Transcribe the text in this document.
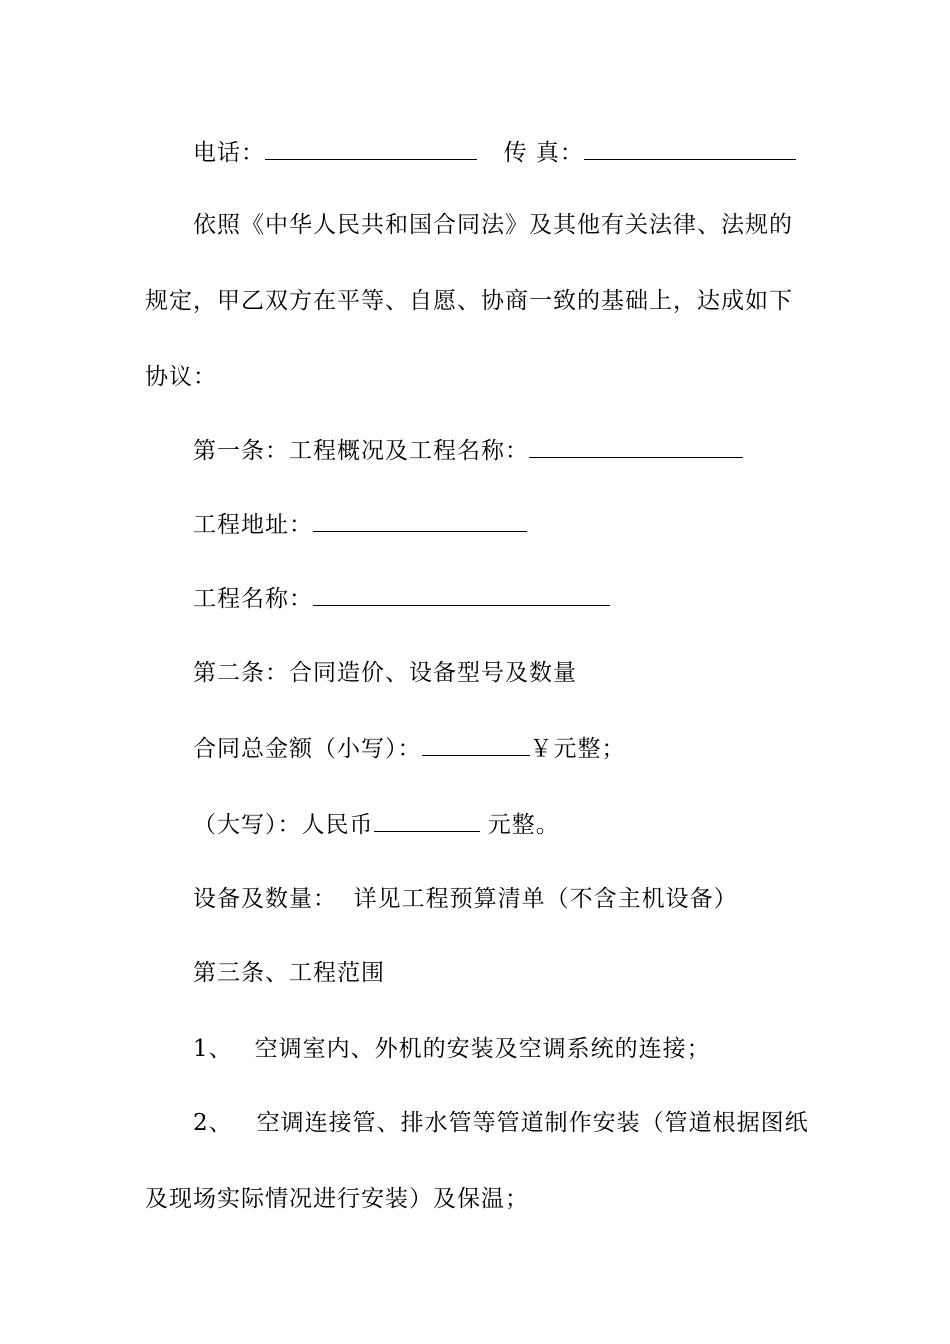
电话：	传 真：
依照《中华人民共和国合同法》及其他有关法律、法规的
规定，甲乙双方在平等、自愿、协商一致的基础上，达成如下
协议：
第一条：工程概况及工程名称：
工程地址：
工程名称：
第二条：合同造价、设备型号及数量
合同总金额（小写）：	￥元整；
（大写）：人民币	元整。
设备及数量：  详见工程预算清单（不含主机设备）
第三条、工程范围
1、 空调室内、外机的安装及空调系统的连接；
2、 空调连接管、排水管等管道制作安装（管道根据图纸
及现场实际情况进行安装）及保温；
